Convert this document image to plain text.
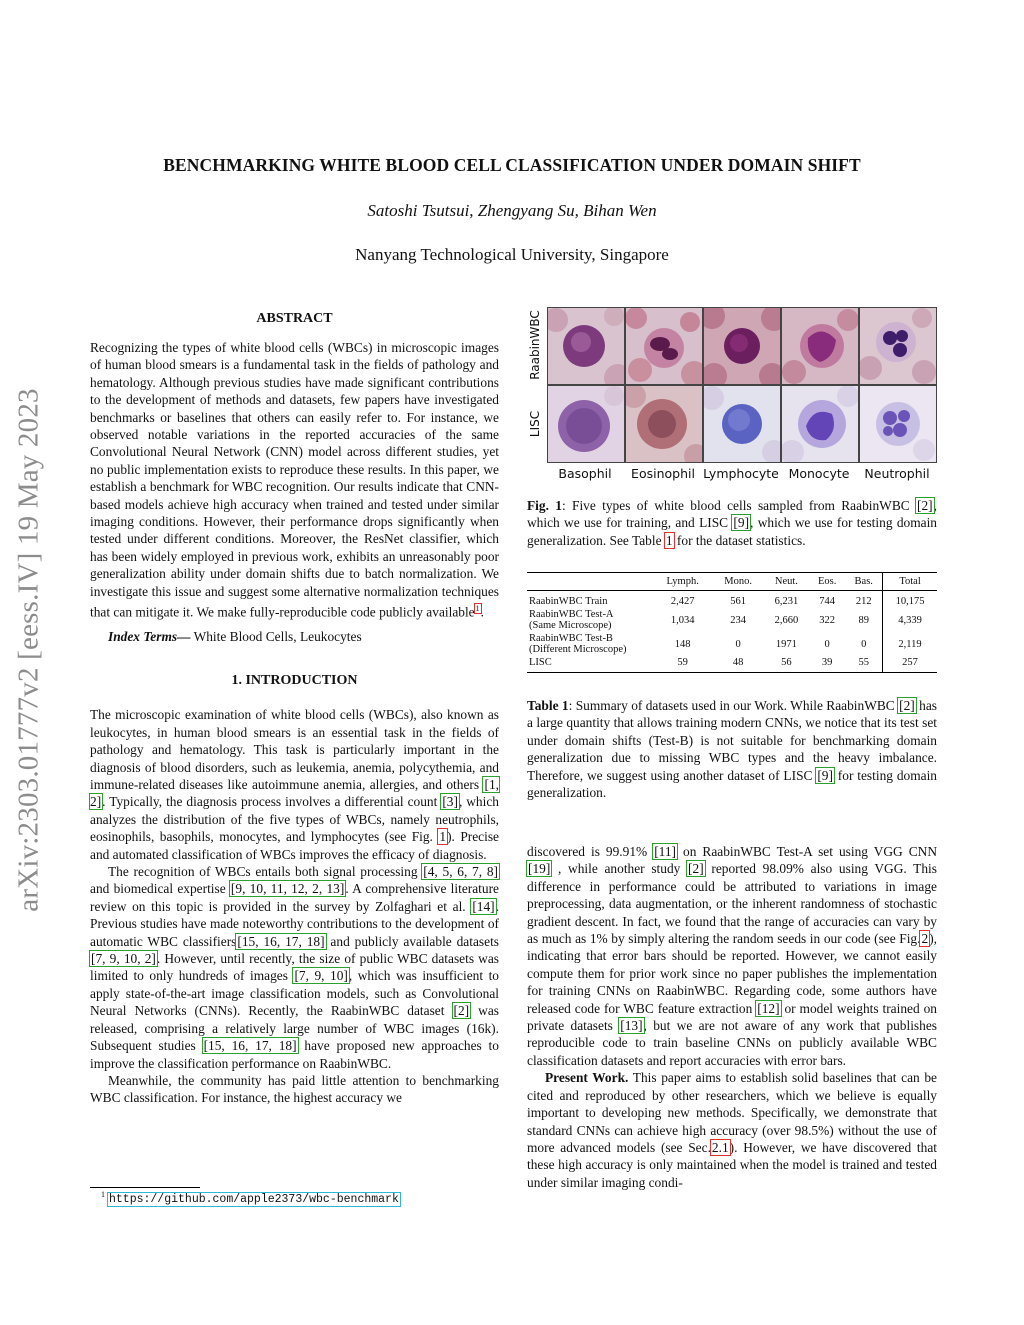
arXiv:2303.01777v2 [eess.IV] 19 May 2023
BENCHMARKING WHITE BLOOD CELL CLASSIFICATION UNDER DOMAIN SHIFT
Satoshi Tsutsui, Zhengyang Su, Bihan Wen
Nanyang Technological University, Singapore
ABSTRACT

Recognizing the types of white blood cells (WBCs) in microscopic images of human blood smears is a fundamental task in the fields of pathology and hematology. Although previous studies have made significant contributions to the development of methods and datasets, few papers have investigated benchmarks or baselines that others can easily refer to. For instance, we observed notable variations in the reported accuracies of the same Convolutional Neural Network (CNN) model across different studies, yet no public implementation exists to reproduce these results. In this paper, we establish a benchmark for WBC recognition. Our results indicate that CNN-based models achieve high accuracy when trained and tested under similar imaging conditions. However, their performance drops significantly when tested under different conditions. Moreover, the ResNet classifier, which has been widely employed in previous work, exhibits an unreasonably poor generalization ability under domain shifts due to batch normalization. We investigate this issue and suggest some alternative normalization techniques that can mitigate it. We make fully-reproducible code publicly available$^1$.

Index Terms— White Blood Cells, Leukocytes

1. INTRODUCTION

The microscopic examination of white blood cells (WBCs), also known as leukocytes, in human blood smears is an essential task in the fields of pathology and hematology. This task is particularly important in the diagnosis of blood disorders, such as leukemia, anemia, polycythemia, and immune-related diseases like autoimmune anemia, allergies, and others [1, 2]. Typically, the diagnosis process involves a differential count [3], which analyzes the distribution of the five types of WBCs, namely neutrophils, eosinophils, basophils, monocytes, and lymphocytes (see Fig. 1). Precise and automated classification of WBCs improves the efficacy of diagnosis.

The recognition of WBCs entails both signal processing [4, 5, 6, 7, 8] and biomedical expertise [9, 10, 11, 12, 2, 13]. A comprehensive literature review on this topic is provided in the survey by Zolfaghari et al. [14]. Previous studies have made noteworthy contributions to the development of automatic WBC classifiers[15, 16, 17, 18] and publicly available datasets [7, 9, 10, 2]. However, until recently, the size of public WBC datasets was limited to only hundreds of images [7, 9, 10], which was insufficient to apply state-of-the-art image classification models, such as Convolutional Neural Networks (CNNs). Recently, the RaabinWBC dataset [2] was released, comprising a relatively large number of WBC images (16k). Subsequent studies [15, 16, 17, 18] have proposed new approaches to improve the classification performance on RaabinWBC.

Meanwhile, the community has paid little attention to benchmarking WBC classification. For instance, the highest accuracy we

1 https://github.com/apple2373/wbc-benchmark
RaabinWBC
LISC
Basophil	Eosinophil Lymphocyte Monocyte	Neutrophil

Fig. 1: Five types of white blood cells sampled from RaabinWBC [2], which we use for training, and LISC [9], which we use for testing domain generalization. See Table 1 for the dataset statistics.

	Lymph.	Mono.	Neut.	Eos.	Bas.	Total
RaabinWBC Train	2,427	561	6,231	744	212	10,175
RaabinWBC Test-A
(Same Microscope)	1,034	234	2,660	322	89	4,339
RaabinWBC Test-B
(Different Microscope)	148	0	1971	0	0	2,119
LISC	59	48	56	39	55	257

Table 1: Summary of datasets used in our Work. While RaabinWBC [2] has a large quantity that allows training modern CNNs, we notice that its test set under domain shifts (Test-B) is not suitable for benchmarking domain generalization due to missing WBC types and the heavy imbalance. Therefore, we suggest using another dataset of LISC [9] for testing domain generalization.

discovered is 99.91% [11] on RaabinWBC Test-A set using VGG CNN [19] , while another study [2] reported 98.09% also using VGG. This difference in performance could be attributed to variations in image preprocessing, data augmentation, or the inherent randomness of stochastic gradient descent. In fact, we found that the range of accuracies can vary by as much as 1% by simply altering the random seeds in our code (see Fig.2), indicating that error bars should be reported. However, we cannot easily compute them for prior work since no paper publishes the implementation for training CNNs on RaabinWBC. Regarding code, some authors have released code for WBC feature extraction [12] or model weights trained on private datasets [13], but we are not aware of any work that publishes reproducible code to train baseline CNNs on publicly available WBC classification datasets and report accuracies with error bars.

Present Work. This paper aims to establish solid baselines that can be cited and reproduced by other researchers, which we believe is equally important to developing new methods. Specifically, we demonstrate that standard CNNs can achieve high accuracy (over 98.5%) without the use of more advanced models (see Sec.2.1). However, we have discovered that these high accuracy is only maintained when the model is trained and tested under similar imaging condi-
